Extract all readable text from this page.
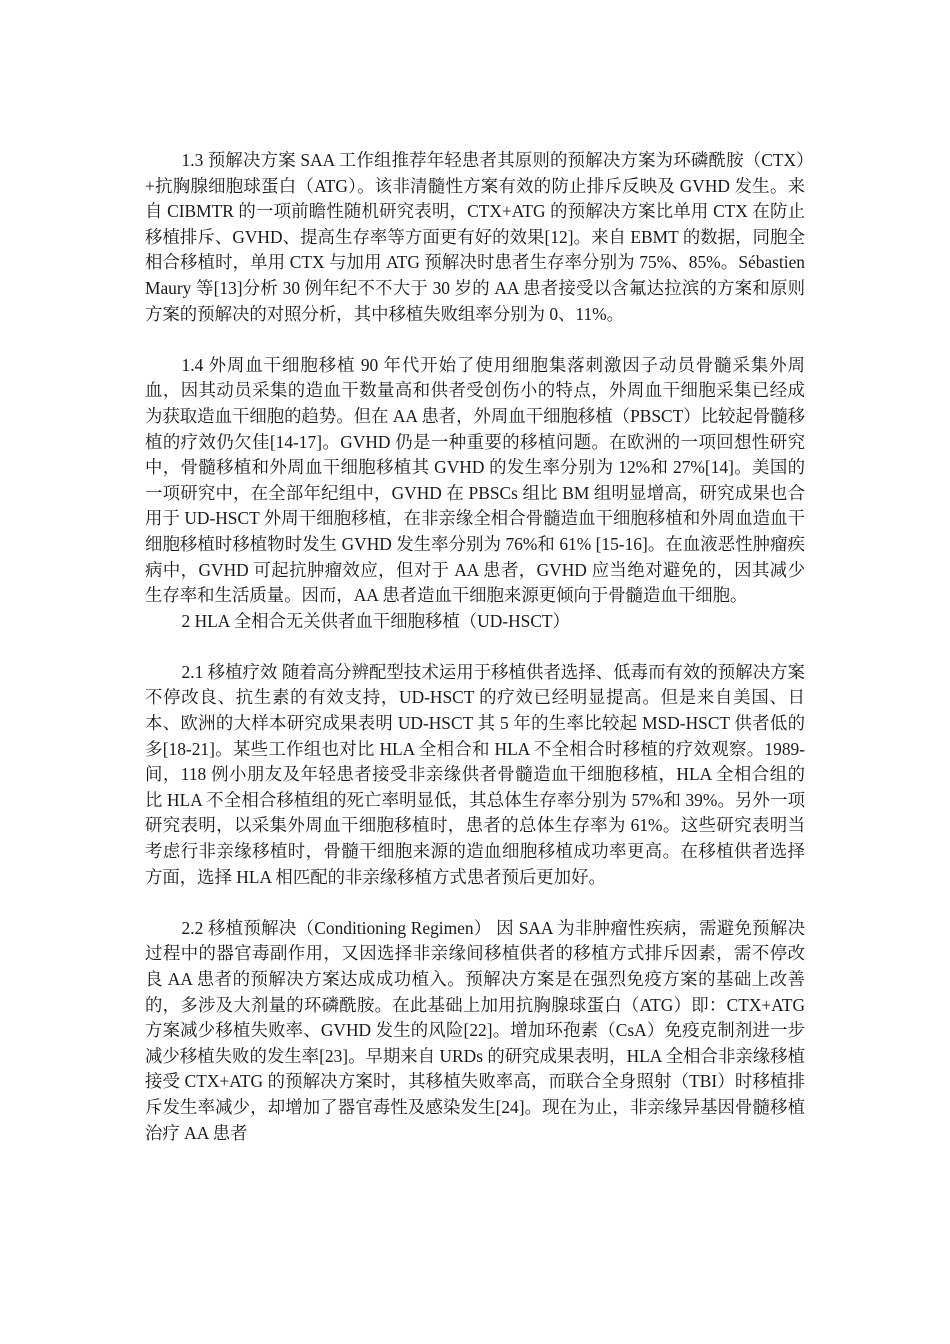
1.3 预解决方案 SAA 工作组推荐年轻患者其原则的预解决方案为环磷酰胺（CTX）+抗胸腺细胞球蛋白（ATG）。该非清髓性方案有效的防止排斥反映及 GVHD 发生。来自 CIBMTR 的一项前瞻性随机研究表明，CTX+ATG 的预解决方案比单用 CTX 在防止移植排斥、GVHD、提高生存率等方面更有好的效果[12]。来自 EBMT 的数据，同胞全相合移植时，单用 CTX 与加用 ATG 预解决时患者生存率分别为 75%、85%。Sébastien Maury 等[13]分析 30 例年纪不不大于 30 岁的 AA 患者接受以含氟达拉滨的方案和原则方案的预解决的对照分析，其中移植失败组率分别为 0、11%。

1.4 外周血干细胞移植 90 年代开始了使用细胞集落刺激因子动员骨髓采集外周血，因其动员采集的造血干数量高和供者受创伤小的特点，外周血干细胞采集已经成为获取造血干细胞的趋势。但在 AA 患者，外周血干细胞移植（PBSCT）比较起骨髓移植的疗效仍欠佳[14-17]。GVHD 仍是一种重要的移植问题。在欧洲的一项回想性研究中，骨髓移植和外周血干细胞移植其 GVHD 的发生率分别为 12%和 27%[14]。美国的一项研究中，在全部年纪组中，GVHD 在 PBSCs 组比 BM 组明显增高，研究成果也合用于 UD-HSCT 外周干细胞移植，在非亲缘全相合骨髓造血干细胞移植和外周血造血干细胞移植时移植物时发生 GVHD 发生率分别为 76%和 61% [15-16]。在血液恶性肿瘤疾病中，GVHD 可起抗肿瘤效应，但对于 AA 患者，GVHD 应当绝对避免的，因其减少生存率和生活质量。因而，AA 患者造血干细胞来源更倾向于骨髓造血干细胞。

2 HLA 全相合无关供者血干细胞移植（UD-HSCT）

2.1 移植疗效 随着高分辨配型技术运用于移植供者选择、低毒而有效的预解决方案不停改良、抗生素的有效支持，UD-HSCT 的疗效已经明显提高。但是来自美国、日本、欧洲的大样本研究成果表明 UD-HSCT 其 5 年的生率比较起 MSD-HSCT 供者低的多[18-21]。某些工作组也对比 HLA 全相合和 HLA 不全相合时移植的疗效观察。1989-间，118 例小朋友及年轻患者接受非亲缘供者骨髓造血干细胞移植，HLA 全相合组的比 HLA 不全相合移植组的死亡率明显低，其总体生存率分别为 57%和 39%。另外一项研究表明，以采集外周血干细胞移植时，患者的总体生存率为 61%。这些研究表明当考虑行非亲缘移植时，骨髓干细胞来源的造血细胞移植成功率更高。在移植供者选择方面，选择 HLA 相匹配的非亲缘移植方式患者预后更加好。

2.2 移植预解决（Conditioning Regimen） 因 SAA 为非肿瘤性疾病，需避免预解决过程中的器官毒副作用，又因选择非亲缘间移植供者的移植方式排斥因素，需不停改良 AA 患者的预解决方案达成成功植入。预解决方案是在强烈免疫方案的基础上改善的，多涉及大剂量的环磷酰胺。在此基础上加用抗胸腺球蛋白（ATG）即：CTX+ATG 方案减少移植失败率、GVHD 发生的风险[22]。增加环孢素（CsA）免疫克制剂进一步减少移植失败的发生率[23]。早期来自 URDs 的研究成果表明，HLA 全相合非亲缘移植接受 CTX+ATG 的预解决方案时，其移植失败率高，而联合全身照射（TBI）时移植排斥发生率减少，却增加了器官毒性及感染发生[24]。现在为止，非亲缘异基因骨髓移植治疗 AA 患者
